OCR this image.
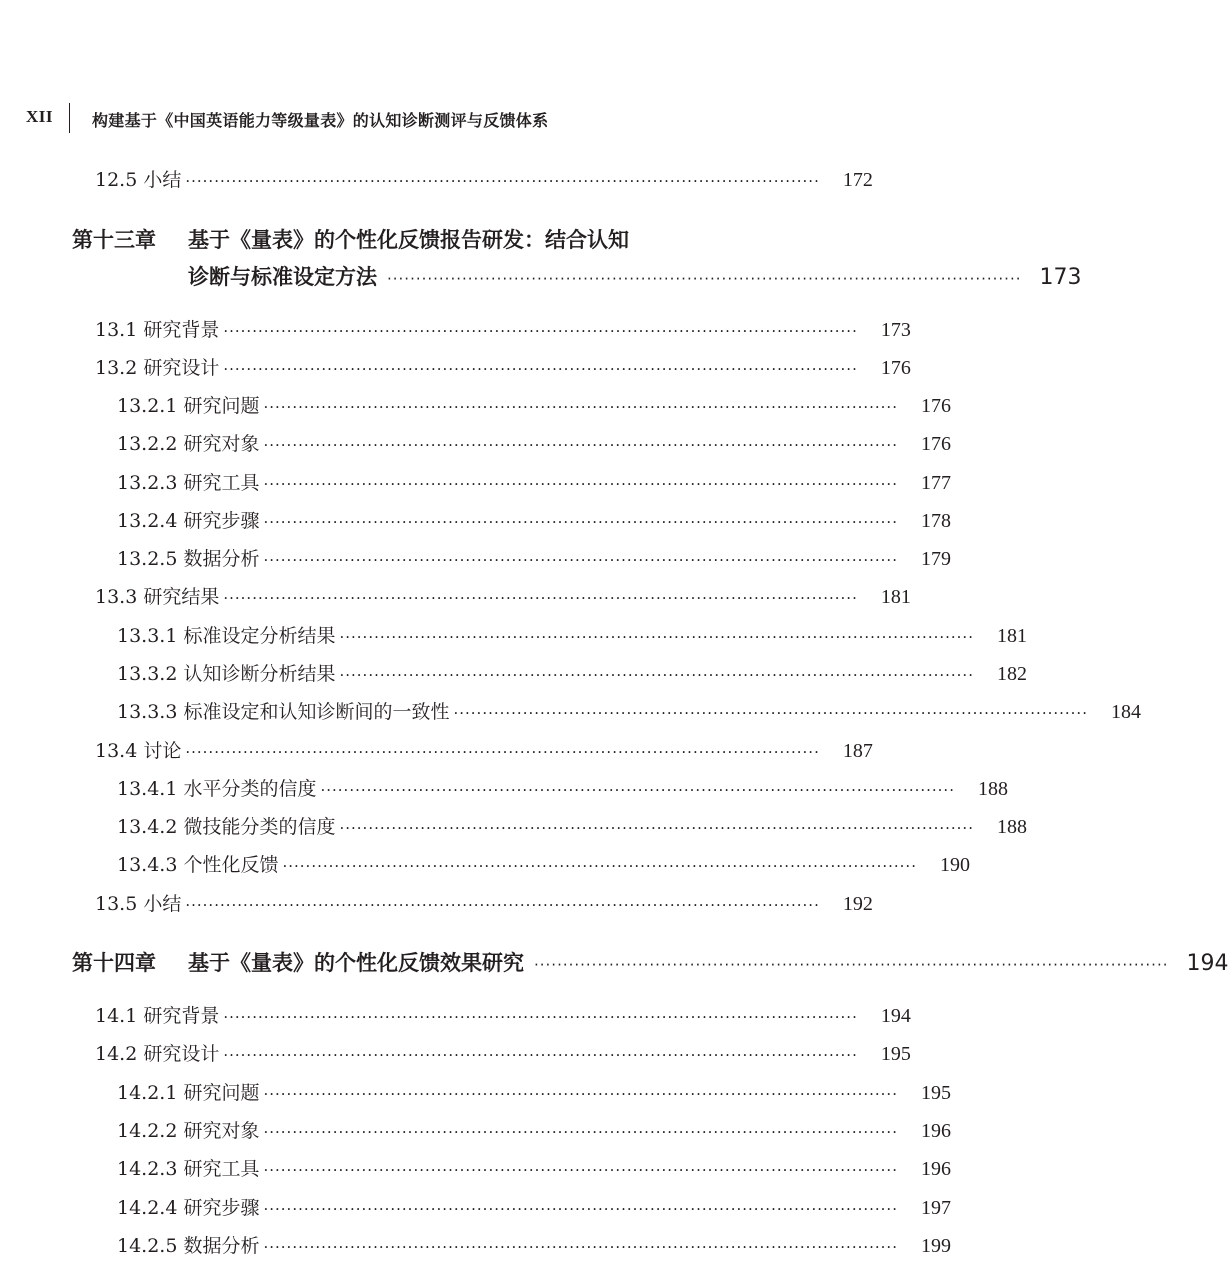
XII 构建基于《中国英语能力等级量表》的认知诊断测评与反馈体系
12.5 小结 ·············································································································· 172
第十三章 基于《量表》的个性化反馈报告研发：结合认知
诊断与标准设定方法 ·············································································································· 173
13.1 研究背景 ·············································································································· 173
13.2 研究设计 ·············································································································· 176
13.2.1 研究问题 ·············································································································· 176
13.2.2 研究对象 ·············································································································· 176
13.2.3 研究工具 ·············································································································· 177
13.2.4 研究步骤 ·············································································································· 178
13.2.5 数据分析 ·············································································································· 179
13.3 研究结果 ·············································································································· 181
13.3.1 标准设定分析结果 ·············································································································· 181
13.3.2 认知诊断分析结果 ·············································································································· 182
13.3.3 标准设定和认知诊断间的一致性 ·············································································································· 184
13.4 讨论 ·············································································································· 187
13.4.1 水平分类的信度 ·············································································································· 188
13.4.2 微技能分类的信度 ·············································································································· 188
13.4.3 个性化反馈 ·············································································································· 190
13.5 小结 ·············································································································· 192
第十四章 基于《量表》的个性化反馈效果研究 ·············································································································· 194
14.1 研究背景 ·············································································································· 194
14.2 研究设计 ·············································································································· 195
14.2.1 研究问题 ·············································································································· 195
14.2.2 研究对象 ·············································································································· 196
14.2.3 研究工具 ·············································································································· 196
14.2.4 研究步骤 ·············································································································· 197
14.2.5 数据分析 ·············································································································· 199
